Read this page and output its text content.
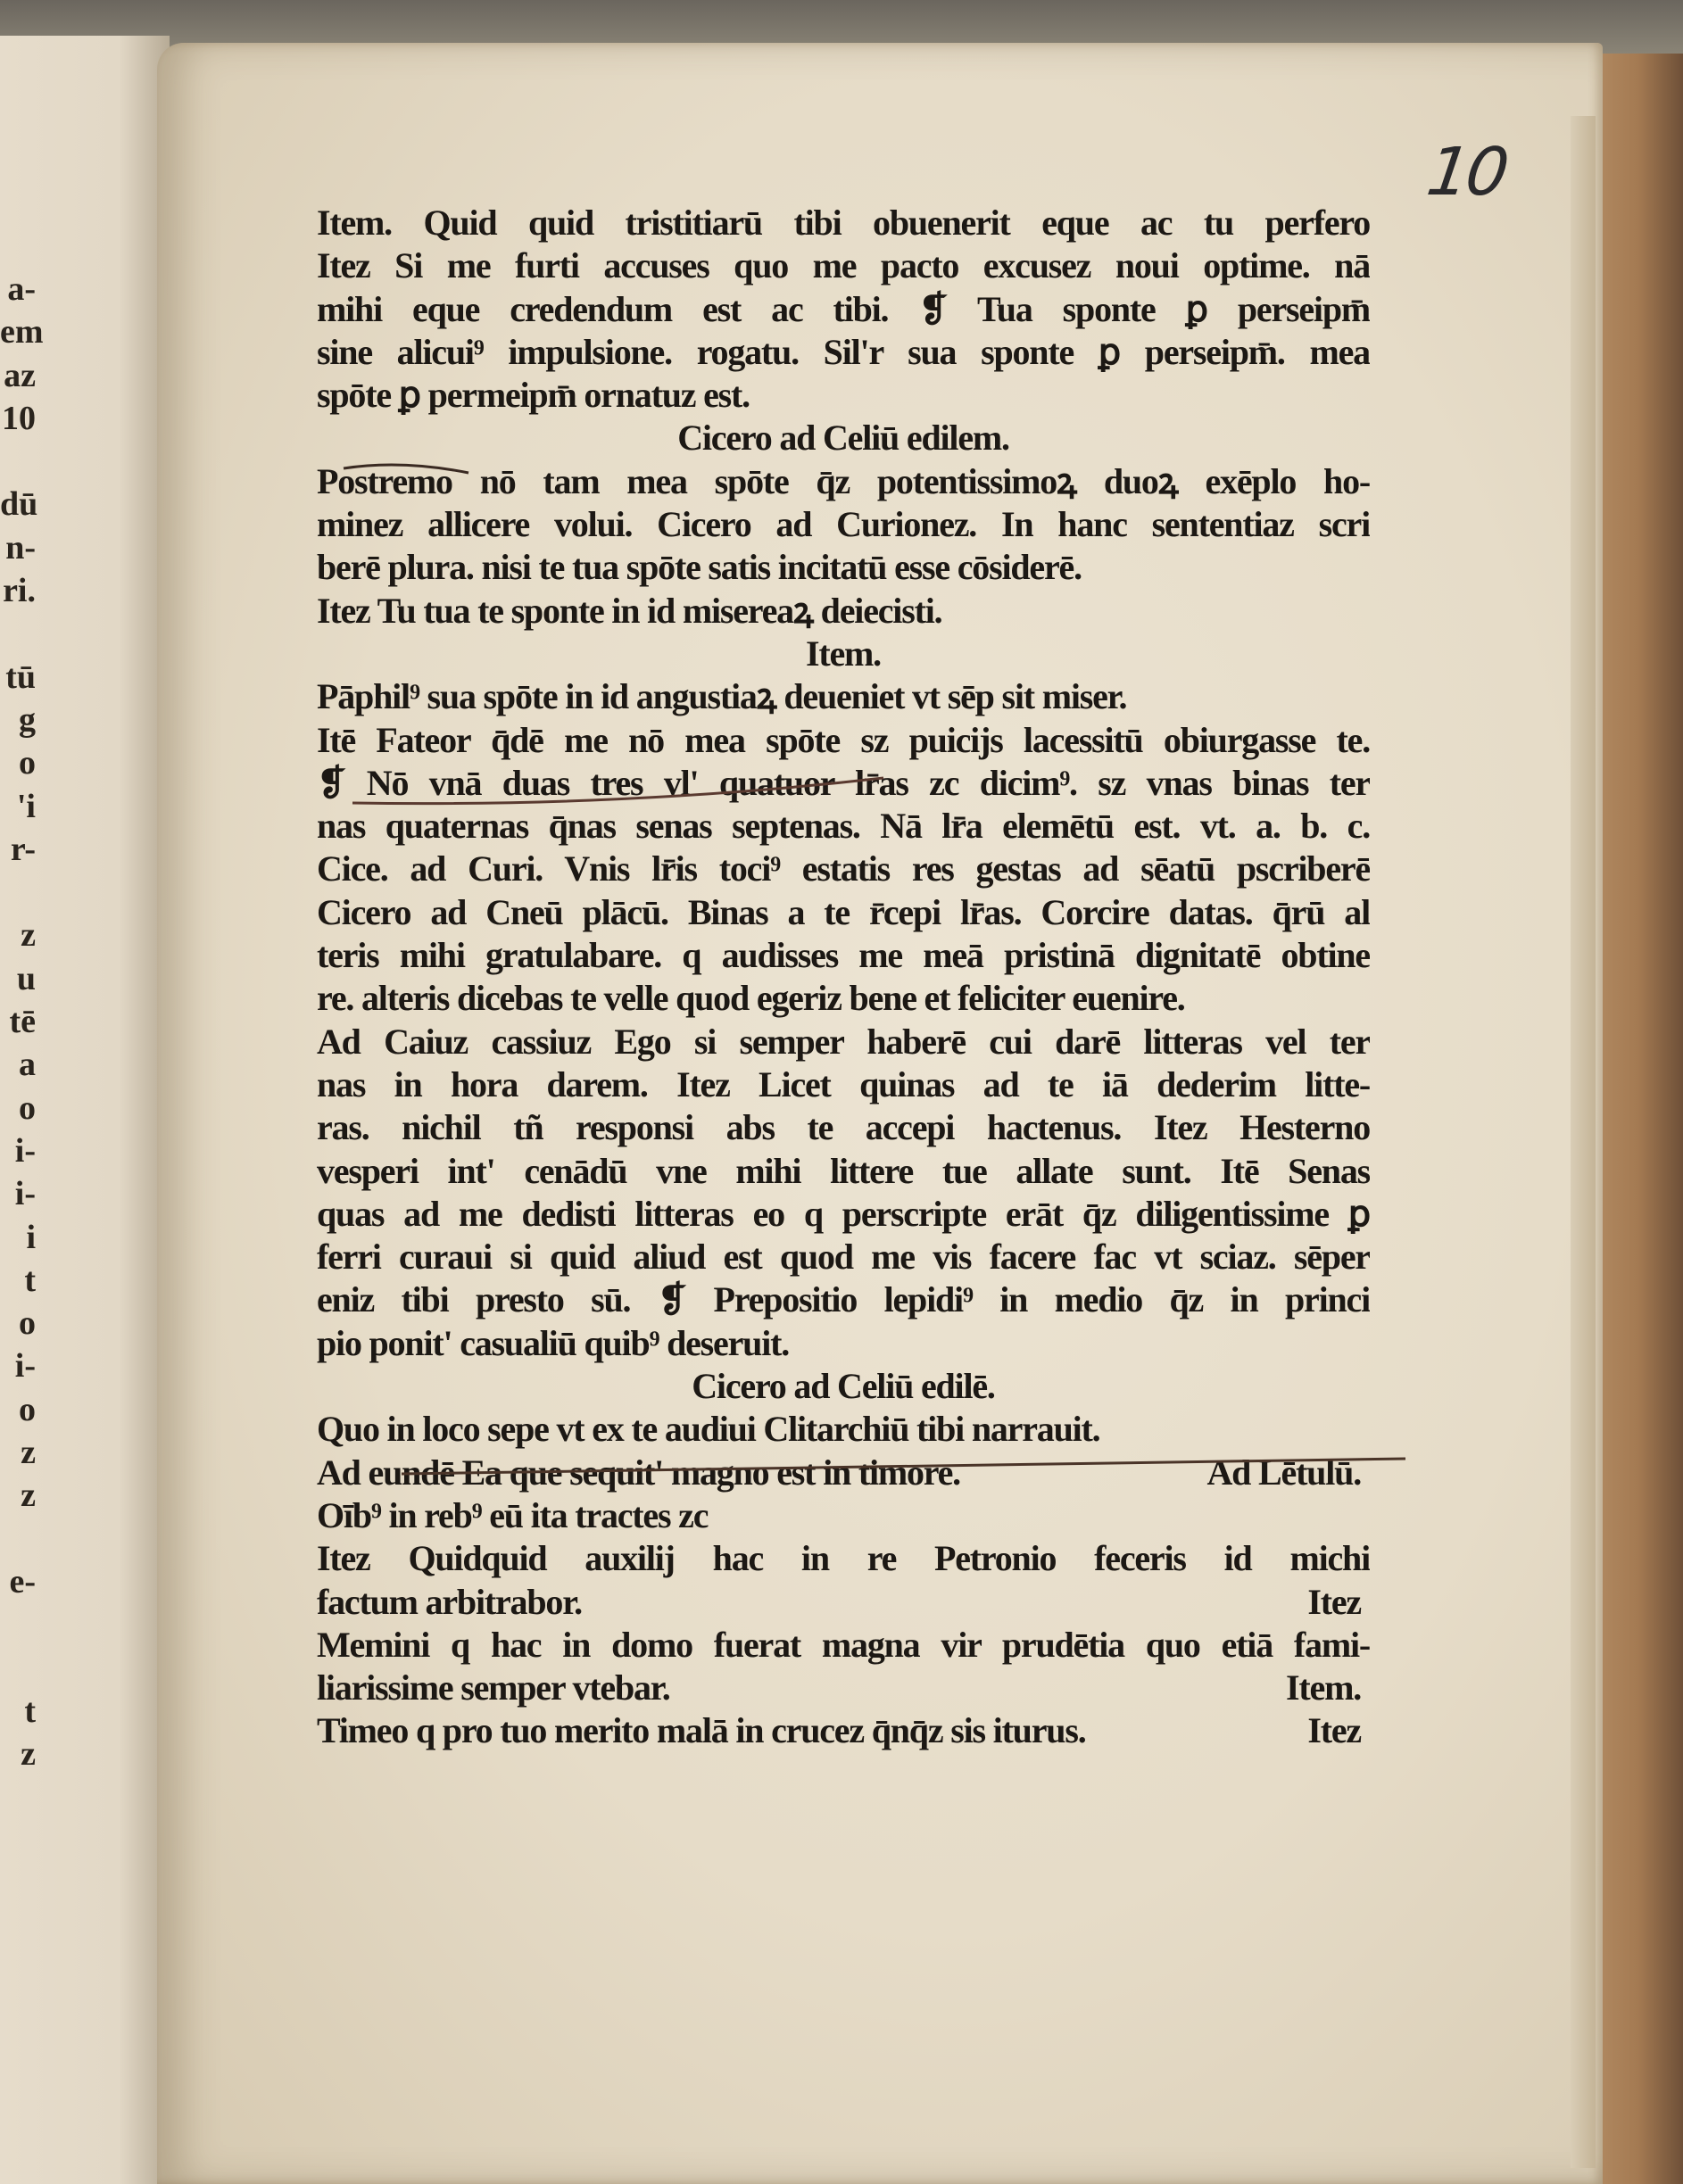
a-
em
az
10
dū
n-
ri.
tū
g
o
'i
r-
z
u
tē
a
o
i-
i-
i
t
o
i-
o
z
z
e-
t
z
10
Item. Quid quid tristitiarū tibi obuenerit eque ac tu perfero
Itez Si me furti accuses quo me pacto excusez noui optime. nā
mihi eque credendum est ac tibi. ❡ Tua sponte ꝑ perseipm̄
sine alicui⁹ impulsione. rogatu. Sil'r sua sponte ꝑ perseipm̄. mea
spōte ꝑ permeipm̄ ornatuz est.
Cicero ad Celiū edilem.
Postremo nō tam mea spōte q̄z potentissimoꝝ duoꝝ exēplo ho-
minez allicere volui. Cicero ad Curionez. In hanc sententiaz scri
berē plura. nisi te tua spōte satis incitatū esse cōsiderē.
Itez Tu tua te sponte in id misereaꝝ deiecisti.
Item.
Pāphil⁹ sua spōte in id angustiaꝝ deueniet vt sēp sit miser.
Itē Fateor q̄dē me nō mea spōte sz puicijs lacessitū obiurgasse te.
❡ Nō vnā duas tres vl' quatuor lr̄as zc dicim⁹. sz vnas binas ter
nas quaternas q̄nas senas septenas. Nā lr̄a elemētū est. vt. a. b. c.
Cice. ad Curi. Vnis lr̄is toci⁹ estatis res gestas ad sēatū pscriberē
Cicero ad Cneū plācū. Binas a te r̄cepi lr̄as. Corcire datas. q̄rū al
teris mihi gratulabare. q audisses me meā pristinā dignitatē obtine
re. alteris dicebas te velle quod egeriz bene et feliciter euenire.
Ad Caiuz cassiuz Ego si semper haberē cui darē litteras vel ter
nas in hora darem. Itez Licet quinas ad te iā dederim litte-
ras. nichil tñ responsi abs te accepi hactenus. Itez Hesterno
vesperi int' cenādū vne mihi littere tue allate sunt. Itē Senas
quas ad me dedisti litteras eo q perscripte erāt q̄z diligentissime ꝑ
ferri curaui si quid aliud est quod me vis facere fac vt sciaz. sēper
eniz tibi presto sū. ❡ Prepositio lepidi⁹ in medio q̄z in princi
pio ponit' casualiū quib⁹ deseruit.
Cicero ad Celiū edilē.
Quo in loco sepe vt ex te audiui Clitarchiū tibi narrauit.
Ad eundē Ea que sequit' magno est in timore.	Ad Lētulū.
Oīb⁹ in reb⁹ eū ita tractes zc
Itez Quidquid auxilij hac in re Petronio feceris id michi
factum arbitrabor.	Itez
Memini q hac in domo fuerat magna vir prudētia quo etiā fami-
liarissime semper vtebar.	Item.
Timeo q pro tuo merito malā in crucez q̄nq̄z sis iturus.	Itez
